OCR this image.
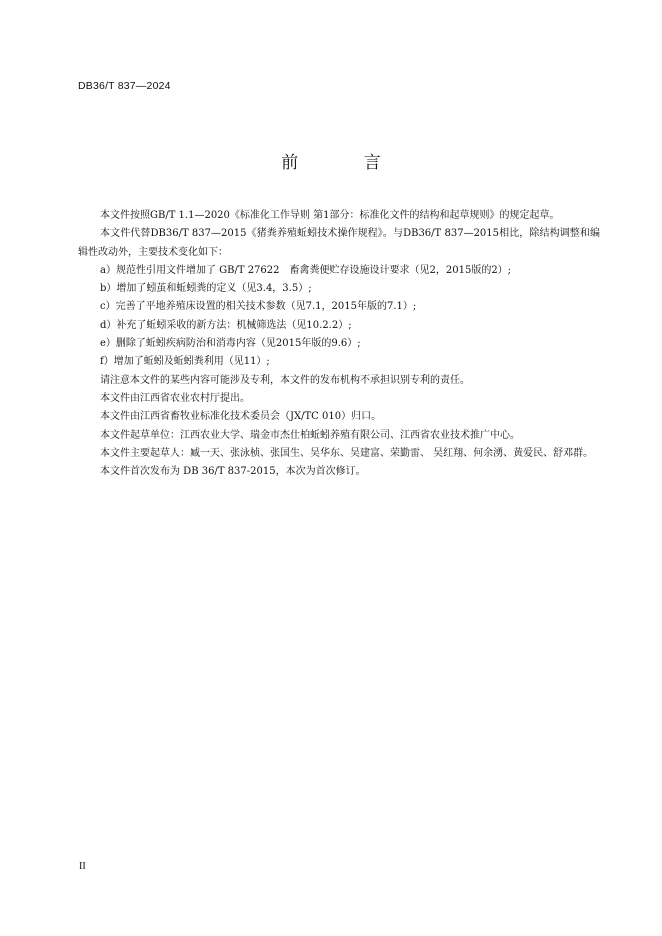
DB36/T 837—2024
前 言

本文件按照GB/T 1.1—2020《标准化工作导则 第1部分：标准化文件的结构和起草规则》的规定起草。

本文件代替DB36/T 837—2015《猪粪养殖蚯蚓技术操作规程》。与DB36/T 837—2015相比，除结构调整和编辑性改动外，主要技术变化如下：

a）规范性引用文件增加了 GB/T 27622　畜禽粪便贮存设施设计要求（见2，2015版的2）;

b）增加了蚓茧和蚯蚓粪的定义（见3.4，3.5）;

c）完善了平地养殖床设置的相关技术参数（见7.1，2015年版的7.1）;

d）补充了蚯蚓采收的新方法：机械筛选法（见10.2.2）;

e）删除了蚯蚓疾病防治和消毒内容（见2015年版的9.6）;

f）增加了蚯蚓及蚯蚓粪利用（见11）;

请注意本文件的某些内容可能涉及专利，本文件的发布机构不承担识别专利的责任。

本文件由江西省农业农村厅提出。

本文件由江西省畜牧业标准化技术委员会（JX/TC 010）归口。

本文件起草单位：江西农业大学、瑞金市杰仕柏蚯蚓养殖有限公司、江西省农业技术推广中心。

本文件主要起草人：臧一天、张泳桢、张国生、吴华东、吴建富、荣勤雷、 吴红翔、何余湧、黄爱民、舒邓群。

本文件首次发布为 DB 36/T 837-2015，本次为首次修订。

II
